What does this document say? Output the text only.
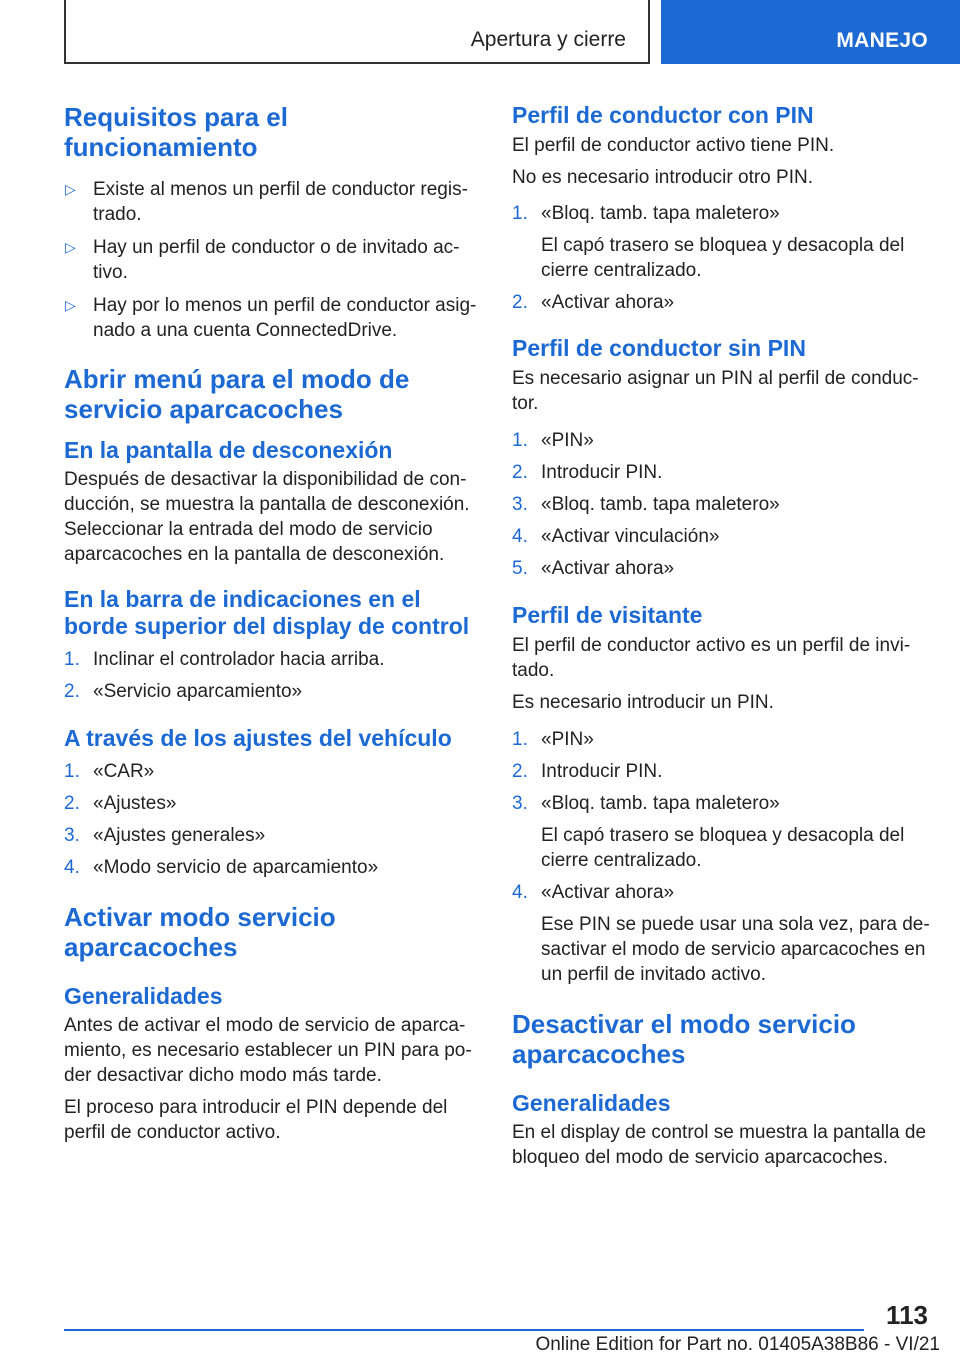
Apertura y cierre	MANEJO
Requisitos para el funcionamiento
▷ Existe al menos un perfil de conductor registrado.
▷ Hay un perfil de conductor o de invitado activo.
▷ Hay por lo menos un perfil de conductor asignado a una cuenta ConnectedDrive.
Abrir menú para el modo de servicio aparcacoches
En la pantalla de desconexión

Después de desactivar la disponibilidad de conducción, se muestra la pantalla de desconexión. Seleccionar la entrada del modo de servicio aparcacoches en la pantalla de desconexión.

En la barra de indicaciones en el borde superior del display de control
1. Inclinar el controlador hacia arriba.
2. «Servicio aparcamiento»
A través de los ajustes del vehículo
1. «CAR»
2. «Ajustes»
3. «Ajustes generales»
4. «Modo servicio de aparcamiento»
Activar modo servicio aparcacoches
Generalidades

Antes de activar el modo de servicio de aparcamiento, es necesario establecer un PIN para poder desactivar dicho modo más tarde.

El proceso para introducir el PIN depende del perfil de conductor activo.

Perfil de conductor con PIN

El perfil de conductor activo tiene PIN.

No es necesario introducir otro PIN.

1. «Bloq. tamb. tapa maletero»
El capó trasero se bloquea y desacopla del cierre centralizado.
2. «Activar ahora»
Perfil de conductor sin PIN

Es necesario asignar un PIN al perfil de conductor.

1. «PIN»
2. Introducir PIN.
3. «Bloq. tamb. tapa maletero»
4. «Activar vinculación»
5. «Activar ahora»
Perfil de visitante

El perfil de conductor activo es un perfil de invitado.

Es necesario introducir un PIN.

1. «PIN»
2. Introducir PIN.
3. «Bloq. tamb. tapa maletero»
El capó trasero se bloquea y desacopla del cierre centralizado.
4. «Activar ahora»
Ese PIN se puede usar una sola vez, para desactivar el modo de servicio aparcacoches en un perfil de invitado activo.
Desactivar el modo servicio aparcacoches
Generalidades

En el display de control se muestra la pantalla de bloqueo del modo de servicio aparcacoches.

113
Online Edition for Part no. 01405A38B86 - VI/21
